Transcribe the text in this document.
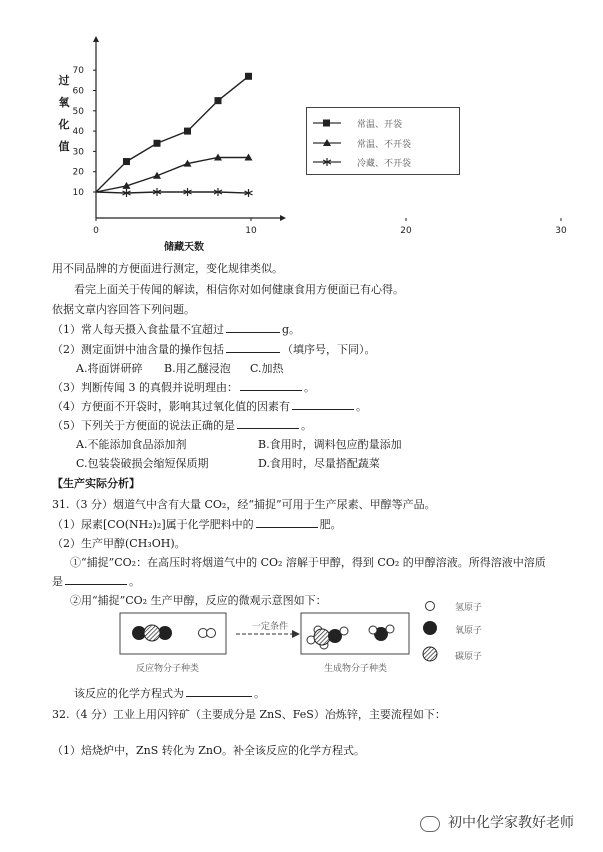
过
氧
化
值
0	10	20	30
10
20
30
40
50
60
70
储藏天数
常温、开袋
常温、不开袋
冷藏、不开袋
用不同品牌的方便面进行测定，变化规律类似。
看完上面关于传闻的解读，相信你对如何健康食用方便面已有心得。
依据文章内容回答下列问题。
（1）常人每天摄入食盐量不宜超过	g。
（2）测定面饼中油含量的操作包括	（填序号，下同）。
A.将面饼研碎 B.用乙醚浸泡 C.加热
（3）判断传闻 3 的真假并说明理由：	。
（4）方便面不开袋时，影响其过氧化值的因素有	。
（5）下列关于方便面的说法正确的是	。
A.不能添加食品添加剂	B.食用时，调料包应酌量添加
C.包装袋破损会缩短保质期	D.食用时，尽量搭配蔬菜
【生产实际分析】
31.（3 分）烟道气中含有大量 CO₂，经“捕捉”可用于生产尿素、甲醇等产品。
（1）尿素[CO(NH₂)₂]属于化学肥料中的	肥。
（2）生产甲醇(CH₃OH)。
①“捕捉”CO₂：在高压时将烟道气中的 CO₂ 溶解于甲醇，得到 CO₂ 的甲醇溶液。所得溶液中溶质
是	。
②用“捕捉”CO₂ 生产甲醇，反应的微观示意图如下：
一定条件
反应物分子种类	生成物分子种类
氢原子
氧原子
碳原子
该反应的化学方程式为	。
32.（4 分）工业上用闪锌矿（主要成分是 ZnS、FeS）冶炼锌，主要流程如下：
（1）焙烧炉中，ZnS 转化为 ZnO。补全该反应的化学方程式。
初中化学家教好老师
